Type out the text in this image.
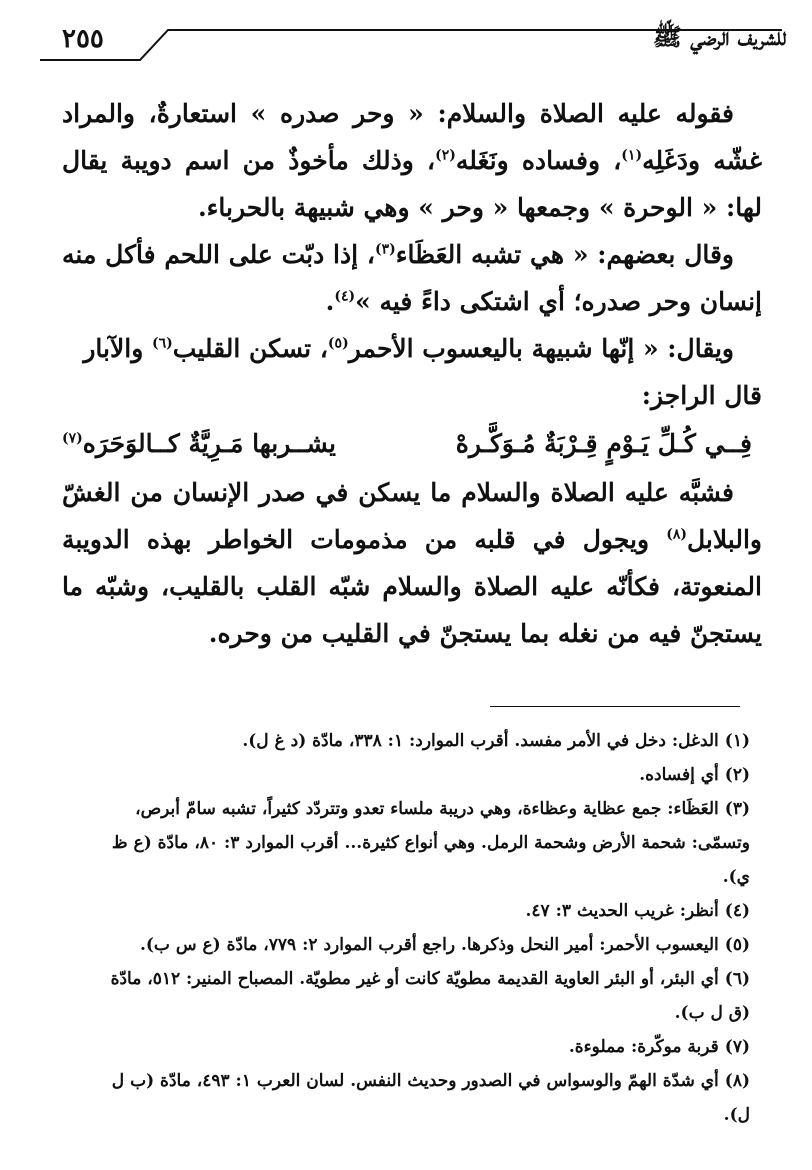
٢٥٥	للشريف الرضي ﷺ

فقوله عليه الصلاة والسلام: « وحر صدره » استعارةٌ، والمراد غشّه ودَغَلِه$^{(١)}$، وفساده ونَغَله$^{(٢)}$، وذلك مأخوذٌ من اسم دويبة يقال لها: « الوحرة » وجمعها « وحر » وهي شبيهة بالحرباء.

وقال بعضهم: « هي تشبه العَظَاء$^{(٣)}$، إذا دبّت على اللحم فأكل منه إنسان وحر صدره؛ أي اشتكى داءً فيه »$^{(٤)}$.

ويقال: « إنّها شبيهة باليعسوب الأحمر$^{(٥)}$، تسكن القليب$^{(٦)}$ والآبار

قال الراجز:

فِــي كُـلِّ يَـوْمٍ قِـرْبَةٌ مُـوَكَّـرهْ
يشــربها مَـرِيَّةٌ كــالوَحَرَه$^{(٧)}$

فشبَّه عليه الصلاة والسلام ما يسكن في صدر الإنسان من الغشّ والبلابل$^{(٨)}$ ويجول في قلبه من مذمومات الخواطر بهذه الدويبة المنعوتة، فكأنّه عليه الصلاة والسلام شبّه القلب بالقليب، وشبّه ما يستجنّ فيه من نغله بما يستجنّ في القليب من وحره.

(١)الدغل: دخل في الأمر مفسد. أقرب الموارد: ١: ٣٣٨، مادّة (د غ ل).
(٢)أي إفساده.
(٣)العَظَاء: جمع عظاية وعظاءة، وهي دريبة ملساء تعدو وتتردّد كثيراً، تشبه سامّ أبرص، وتسمّى: شحمة الأرض وشحمة الرمل. وهي أنواع كثيرة... أقرب الموارد ٣: ٨٠، مادّة (ع ظ ي).
(٤)أنظر: غريب الحديث ٣: ٤٧.
(٥)اليعسوب الأحمر: أمير النحل وذكرها. راجع أقرب الموارد ٢: ٧٧٩، مادّة (ع س ب).
(٦)أي البئر، أو البئر العاوية القديمة مطويّة كانت أو غير مطويّة. المصباح المنير: ٥١٢، مادّة (ق ل ب).
(٧)قربة موكّرة: مملوءة.
(٨)أي شدّة الهمّ والوسواس في الصدور وحديث النفس. لسان العرب ١: ٤٩٣، مادّة (ب ل ل).
